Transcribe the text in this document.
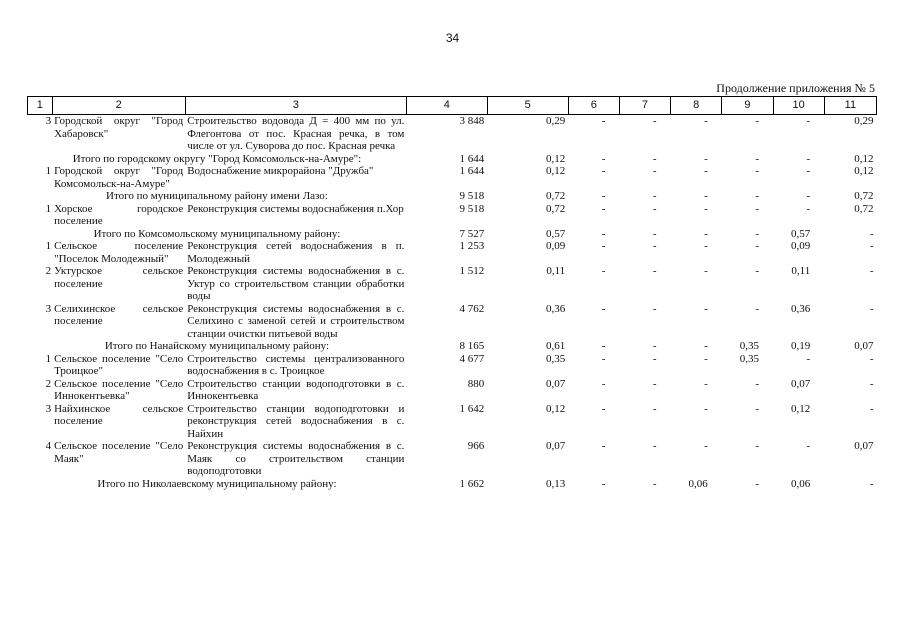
34
Продолжение приложения № 5
1	2	3	4	5	6	7	8	9	10	11
3	Городской округ "Город Хабаровск"	Строительство водовода Д = 400 мм по ул. Флегонтова от пос. Красная речка, в том числе от ул. Суворова до пос. Красная речка	3 848	0,29	-	-	-	-	-	0,29
Итого по городскому округу "Город Комсомольск-на-Амуре":			1 644	0,12	-	-	-	-	-	0,12
1	Городской округ "Город Комсомольск-на-Амуре"	Водоснабжение микрорайона "Дружба"	1 644	0,12	-	-	-	-	-	0,12
Итого по муниципальному району имени Лазо:			9 518	0,72	-	-	-	-	-	0,72
1	Хорское городское поселение	Реконструкция системы водоснабжения п.Хор	9 518	0,72	-	-	-	-	-	0,72
Итого по Комсомольскому муниципальному району:			7 527	0,57	-	-	-	-	0,57	-
1	Сельское поселение "Поселок Молодежный"	Реконструкция сетей водоснабжения в п. Молодежный	1 253	0,09	-	-	-	-	0,09	-
2	Уктурское сельское поселение	Реконструкция системы водоснабжения в с. Уктур со строительством станции обработки воды	1 512	0,11	-	-	-	-	0,11	-
3	Селихинское сельское поселение	Реконструкция системы водоснабжения в с. Селихино с заменой сетей и строительством станции очистки питьевой воды	4 762	0,36	-	-	-	-	0,36	-
Итого по Нанайскому муниципальному району:			8 165	0,61	-	-	-	0,35	0,19	0,07
1	Сельское поселение "Село Троицкое"	Строительство системы централизованного водоснабжения в с. Троицкое	4 677	0,35	-	-	-	0,35	-	-
2	Сельское поселение "Село Иннокентьевка"	Строительство станции водоподготовки в с. Иннокентьевка	880	0,07	-	-	-	-	0,07	-
3	Найхинское сельское поселение	Строительство станции водоподготовки и реконструкция сетей водоснабжения в с. Найхин	1 642	0,12	-	-	-	-	0,12	-
4	Сельское поселение "Село Маяк"	Реконструкция системы водоснабжения в с. Маяк со строительством станции водоподготовки	966	0,07	-	-	-	-	-	0,07
Итого по Николаевскому муниципальному району:			1 662	0,13	-	-	0,06	-	0,06	-
